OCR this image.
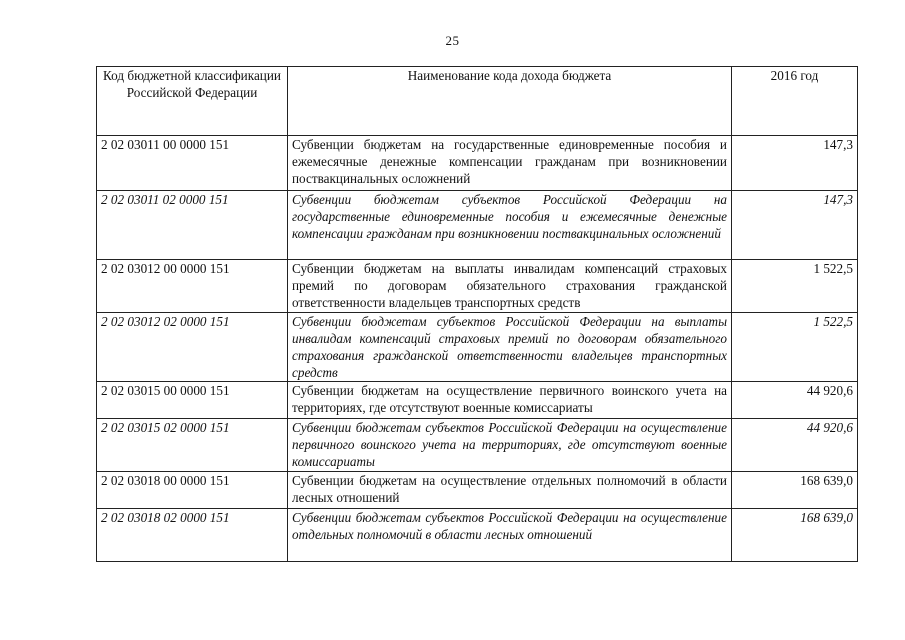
25
Код бюджетной классификации Российской Федерации	Наименование кода дохода бюджета	2016 год
2 02 03011 00 0000 151	Субвенции бюджетам на государственные единовременные пособия и ежемесячные денежные компенсации гражданам при возникновении поствакцинальных осложнений	147,3
2 02 03011 02 0000 151	Субвенции бюджетам субъектов Российской Федерации на государственные единовременные пособия и ежемесячные денежные компенсации гражданам при возникновении поствакцинальных осложнений	147,3
2 02 03012 00 0000 151	Субвенции бюджетам на выплаты инвалидам компенсаций страховых премий по договорам обязательного страхования гражданской ответственности владельцев транспортных средств	1 522,5
2 02 03012 02 0000 151	Субвенции бюджетам субъектов Российской Федерации на выплаты инвалидам компенсаций страховых премий по договорам обязательного страхования гражданской ответственности владельцев транспортных средств	1 522,5
2 02 03015 00 0000 151	Субвенции бюджетам на осуществление первичного воинского учета на территориях, где отсутствуют военные комиссариаты	44 920,6
2 02 03015 02 0000 151	Субвенции бюджетам субъектов Российской Федерации на осуществление первичного воинского учета на территориях, где отсутствуют военные комиссариаты	44 920,6
2 02 03018 00 0000 151	Субвенции бюджетам на осуществление отдельных полномочий в области лесных отношений	168 639,0
2 02 03018 02 0000 151	Субвенции бюджетам субъектов Российской Федерации на осуществление отдельных полномочий в области лесных отношений	168 639,0
